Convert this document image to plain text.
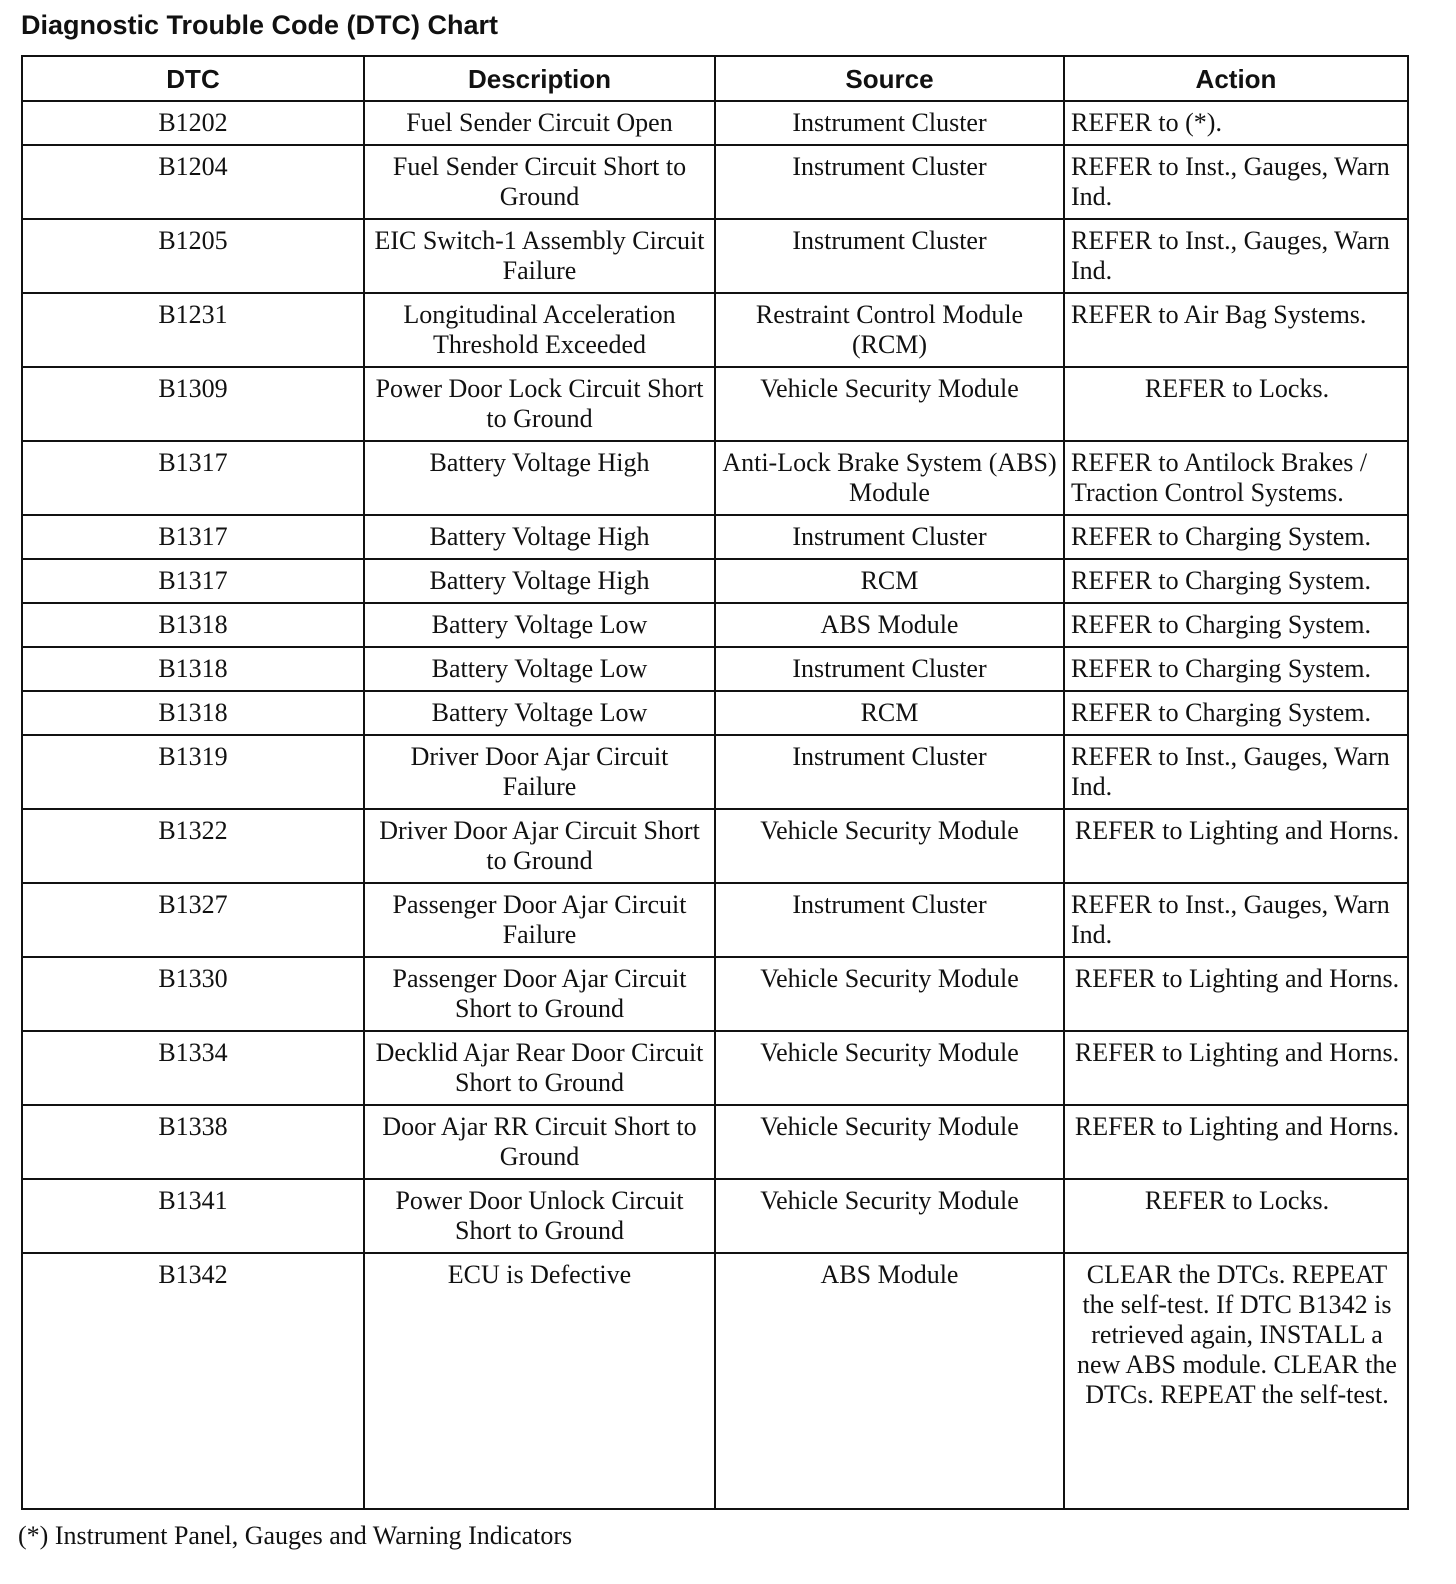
Diagnostic Trouble Code (DTC) Chart
DTC	Description	Source	Action
B1202	Fuel Sender Circuit Open	Instrument Cluster	REFER to (*).
B1204	Fuel Sender Circuit Short to Ground	Instrument Cluster	REFER to Inst., Gauges, Warn Ind.
B1205	EIC Switch-1 Assembly Circuit Failure	Instrument Cluster	REFER to Inst., Gauges, Warn Ind.
B1231	Longitudinal Acceleration Threshold Exceeded	Restraint Control Module (RCM)	REFER to Air Bag Systems.
B1309	Power Door Lock Circuit Short to Ground	Vehicle Security Module	REFER to Locks.
B1317	Battery Voltage High	Anti-Lock Brake System (ABS) Module	REFER to Antilock Brakes / Traction Control Systems.
B1317	Battery Voltage High	Instrument Cluster	REFER to Charging System.
B1317	Battery Voltage High	RCM	REFER to Charging System.
B1318	Battery Voltage Low	ABS Module	REFER to Charging System.
B1318	Battery Voltage Low	Instrument Cluster	REFER to Charging System.
B1318	Battery Voltage Low	RCM	REFER to Charging System.
B1319	Driver Door Ajar Circuit Failure	Instrument Cluster	REFER to Inst., Gauges, Warn Ind.
B1322	Driver Door Ajar Circuit Short to Ground	Vehicle Security Module	REFER to Lighting and Horns.
B1327	Passenger Door Ajar Circuit Failure	Instrument Cluster	REFER to Inst., Gauges, Warn Ind.
B1330	Passenger Door Ajar Circuit Short to Ground	Vehicle Security Module	REFER to Lighting and Horns.
B1334	Decklid Ajar Rear Door Circuit Short to Ground	Vehicle Security Module	REFER to Lighting and Horns.
B1338	Door Ajar RR Circuit Short to Ground	Vehicle Security Module	REFER to Lighting and Horns.
B1341	Power Door Unlock Circuit Short to Ground	Vehicle Security Module	REFER to Locks.
B1342	ECU is Defective	ABS Module	CLEAR the DTCs. REPEAT the self-test. If DTC B1342 is retrieved again, INSTALL a new ABS module. CLEAR the DTCs. REPEAT the self-test.
(*) Instrument Panel, Gauges and Warning Indicators
